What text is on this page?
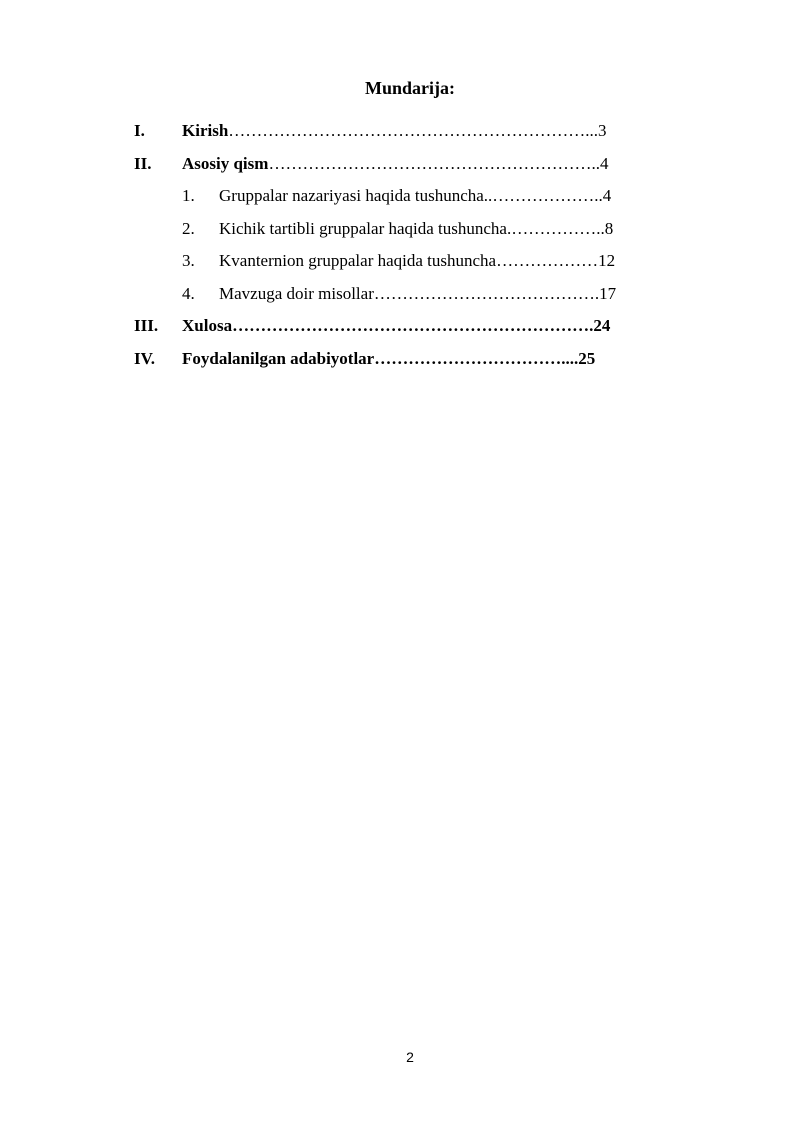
Mundarija:
I. Kirish………………………………………………………...3
II. Asosiy qism…………………………………………………..4
1. Gruppalar nazariyasi haqida tushuncha..………………..4
2. Kichik tartibli gruppalar haqida tushuncha.……………..8
3. Kvanternion gruppalar haqida tushuncha………………12
4. Mavzuga doir misollar………………………………….17
III. Xulosa……………………………………………………….24
IV. Foydalanilgan adabiyotlar……………………………....25
2
